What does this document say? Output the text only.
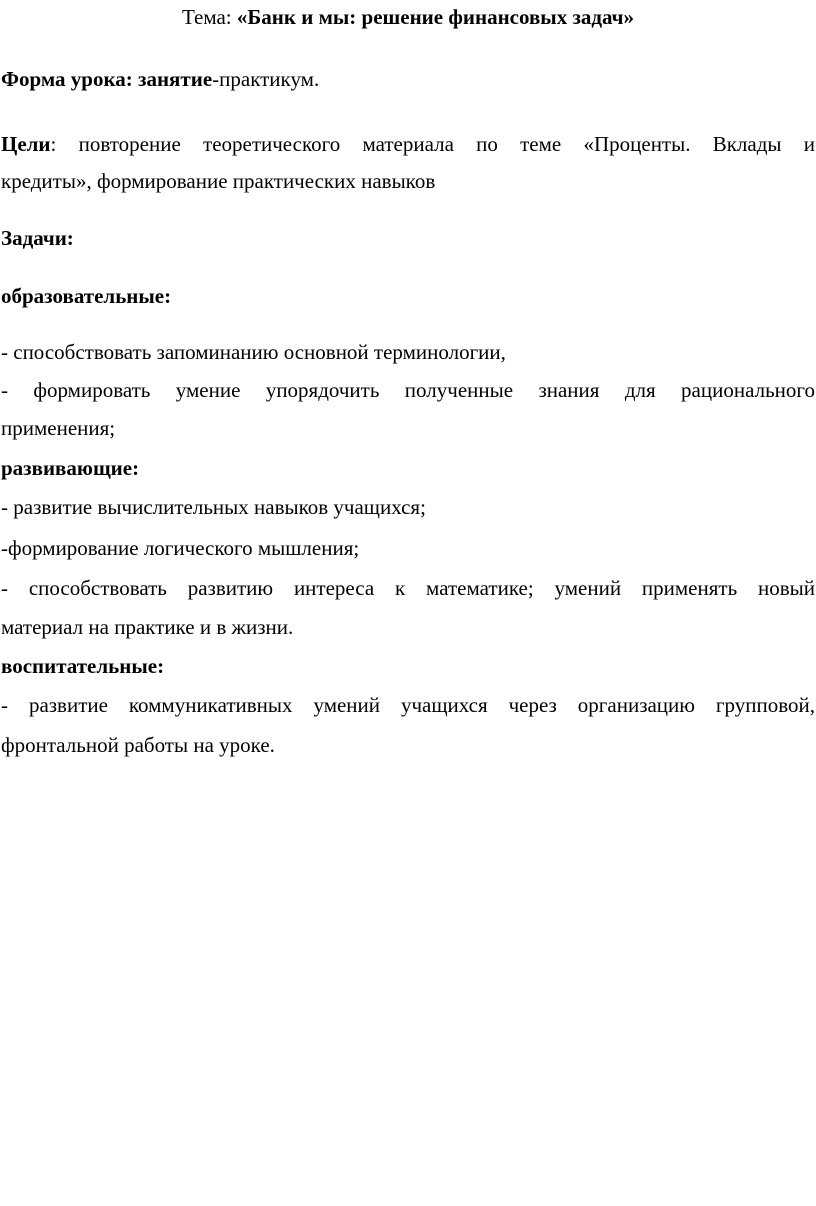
Тема: «Банк и мы: решение финансовых задач»
Форма урока: занятие-практикум.
Цели: повторение теоретического материала по теме «Проценты. Вклады и
кредиты», формирование практических навыков
Задачи:
образовательные:
- способствовать запоминанию основной терминологии,
- формировать умение упорядочить полученные знания для рационального
применения;
развивающие:
- развитие вычислительных навыков учащихся;
-формирование логического мышления;
- способствовать развитию интереса к математике; умений применять новый
материал на практике и в жизни.
воспитательные:
- развитие коммуникативных умений учащихся через организацию групповой,
фронтальной работы на уроке.
